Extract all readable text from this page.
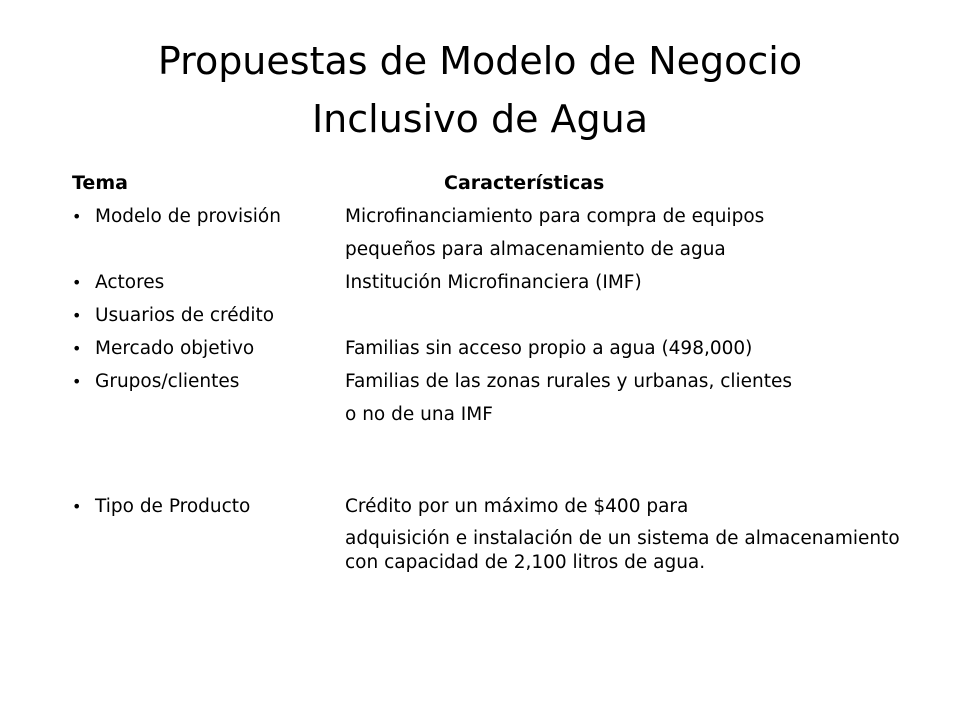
Propuestas de Modelo de Negocio
Inclusivo de Agua
Tema	Características
• Modelo de provisión	Microfinanciamiento para compra de equipos
pequeños para almacenamiento de agua
• Actores	Institución Microfinanciera (IMF)
• Usuarios de crédito
• Mercado objetivo	Familias sin acceso propio a agua (498,000)
• Grupos/clientes	Familias de las zonas rurales y urbanas, clientes
o no de una IMF
• Tipo de Producto	Crédito por un máximo de $400 para
adquisición e instalación de un sistema de almacenamiento con capacidad de 2,100 litros de agua.
